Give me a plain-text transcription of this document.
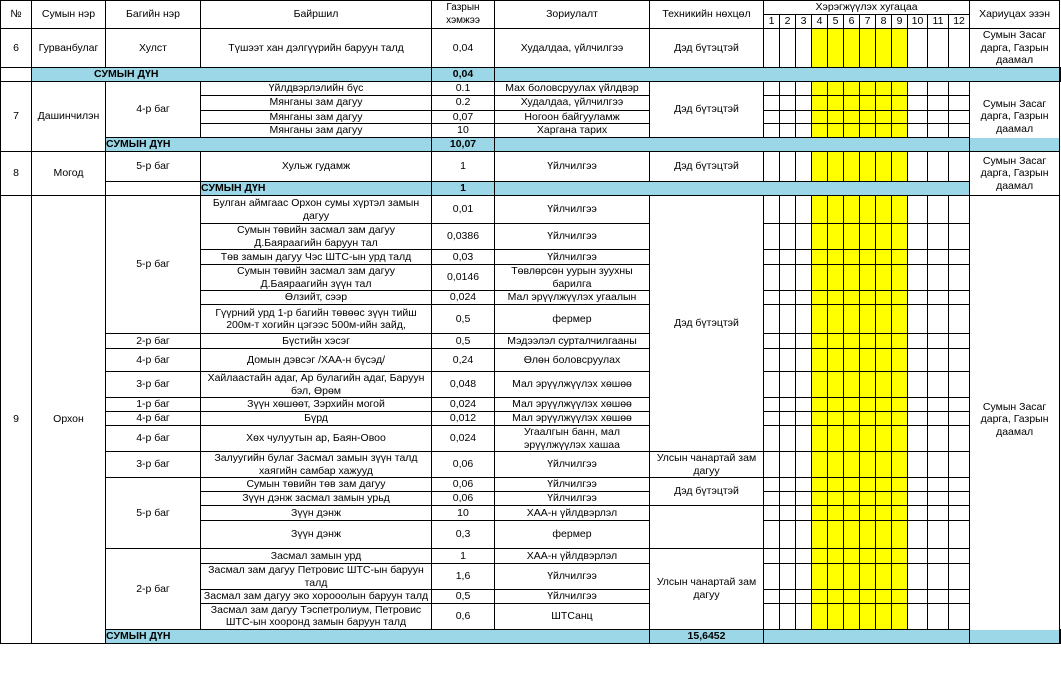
№	Сумын нэр	Багийн нэр	Байршил	Газрын хэмжээ	Зориулалт	Техникийн нөхцөл	Хэрэгжүүлэх хугацаа												Хариуцах эзэн	
							1	2	3	4	5	6	7	8	9	10	11	12		
6	Гурванбулаг	Хулст	Түшээт хан дэлгүүрийн баруун талд	0,04	Худалдаа, үйлчилгээ	Дэд бүтэцтэй													Сумын Засаг дарга, Газрын даамал	
	СУМЫН ДҮН			0,04																
7	Дашинчилэн	4-р баг	Үйлдвэрлэлийн бүс	0.1	Мах боловсруулах үйлдвэр	Дэд бүтэцтэй													Сумын Засаг дарга, Газрын даамал	
			Мянганы зам дагуу	0.2	Худалдаа, үйлчилгээ															
			Мянганы зам дагуу	0,07	Ногоон байгууламж															
			Мянганы зам дагуу	10	Харгана тарих															
		СУМЫН ДҮН		10,07																
8	Могод	5-р баг	Хульж гудамж	1	Үйлчилгээ	Дэд бүтэцтэй													Сумын Засаг дарга, Газрын даамал	
			СУМЫН ДҮН	1																
9	Орхон	5-р баг	Булган аймгаас Орхон сумы хүртэл замын дагуу	0,01	Үйлчилгээ	Дэд бүтэцтэй													Сумын Засаг дарга, Газрын даамал	
			Сумын төвийн засмал зам дагуу Д.Баяраагийн баруун тал	0,0386	Үйлчилгээ															
			Төв замын дагуу Чэс ШТС-ын урд талд	0,03	Үйлчилгээ															
			Сумын төвийн засмал зам дагуу Д.Баяраагийн зүүн тал	0,0146	Төвлөрсөн уурын зуухны барилга															
			Өлзийт, сээр	0,024	Мал эрүүлжүүлэх угаалын															
			Гүүрний урд 1-р багийн төвөөс зүүн тийш 200м-т хогийн цэгээс 500м-ийн зайд,	0,5	фермер															
		2-р баг	Бүстийн хэсэг	0,5	Мэдээлэл сурталчилгааны															
		4-р баг	Домын дэвсэг /ХАА-н бүсэд/	0,24	Өлөн боловсруулах															
		3-р баг	Хайлаастайн адаг, Ар булагийн адаг, Баруун бэл, Өрөм	0,048	Мал эрүүлжүүлэх хөшөө															
		1-р баг	Зүүн хөшөөт, Зэрхийн могой	0,024	Мал эрүүлжүүлэх хөшөө															
		4-р баг	Бүрд	0,012	Мал эрүүлжүүлэх хөшөө															
		4-р баг	Хөх чулуутын ар, Баян-Овоо	0,024	Угаалгын банн, мал эрүүлжүүлэх хашаа															
		3-р баг	Залуугийн булаг Засмал замын зүүн талд хаягийн самбар хажууд	0,06	Үйлчилгээ	Улсын чанартай зам дагуу														
		5-р баг	Сумын төвийн төв зам дагуу	0,06	Үйлчилгээ	Дэд бүтэцтэй														
			Зүүн дэнж засмал замын урьд	0,06	Үйлчилгээ															
			Зүүн дэнж	10	ХАА-н үйлдвэрлэл															
			Зүүн дэнж	0,3	фермер															
		2-р баг	Засмал замын урд	1	ХАА-н үйлдвэрлэл	Улсын чанартай зам дагуу														
			Засмал зам дагуу Петровис ШТС-ын баруун талд	1,6	Үйлчилгээ															
			Засмал зам дагуу эко хорооолын баруун талд	0,5	Үйлчилгээ															
			Засмал зам дагуу Тэспетролиум, Петровис ШТС-ын хооронд замын баруун талд	0,6	ШТСанц															
		СУМЫН ДҮН				15,6452														
